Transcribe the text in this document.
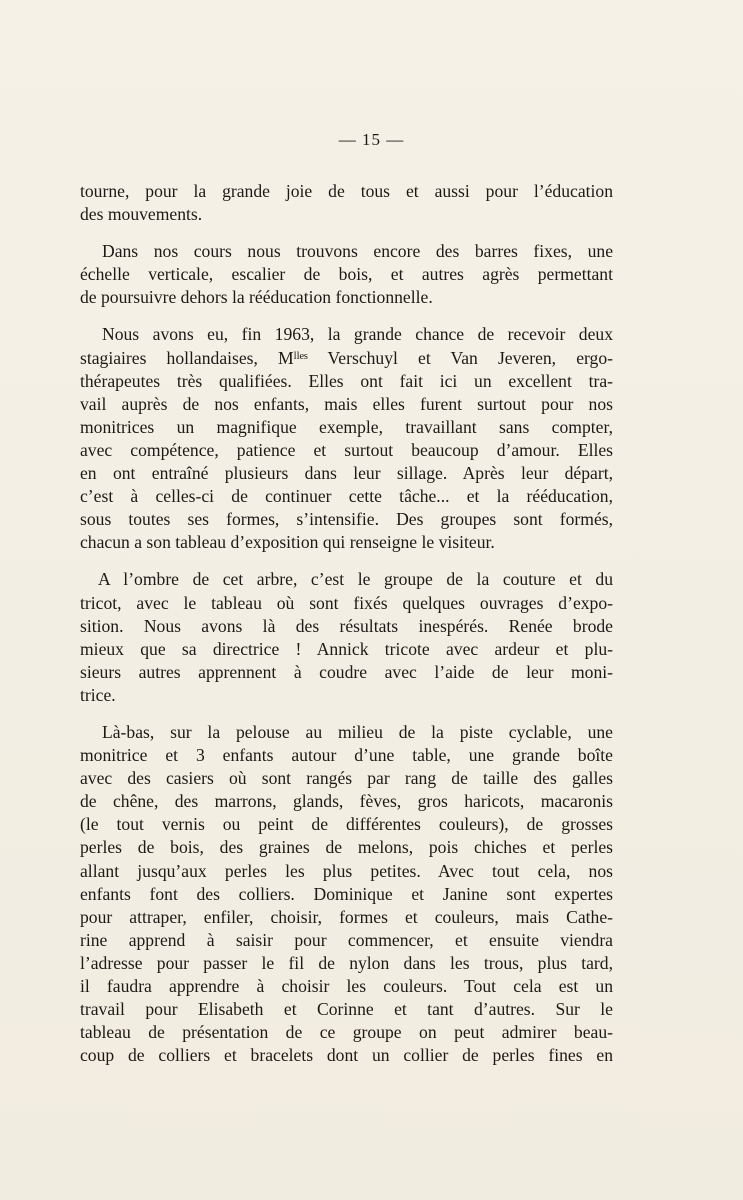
— 15 —

tourne, pour la grande joie de tous et aussi pour l’éducation
des mouvements.

Dans nos cours nous trouvons encore des barres fixes, une
échelle verticale, escalier de bois, et autres agrès permettant
de poursuivre dehors la rééducation fonctionnelle.

Nous avons eu, fin 1963, la grande chance de recevoir deux
stagiaires hollandaises, Mˡˡᵉˢ Verschuyl et Van Jeveren, ergo-
thérapeutes très qualifiées. Elles ont fait ici un excellent tra-
vail auprès de nos enfants, mais elles furent surtout pour nos
monitrices un magnifique exemple, travaillant sans compter,
avec compétence, patience et surtout beaucoup d’amour. Elles
en ont entraîné plusieurs dans leur sillage. Après leur départ,
c’est à celles-ci de continuer cette tâche... et la rééducation,
sous toutes ses formes, s’intensifie. Des groupes sont formés,
chacun a son tableau d’exposition qui renseigne le visiteur.

A l’ombre de cet arbre, c’est le groupe de la couture et du
tricot, avec le tableau où sont fixés quelques ouvrages d’expo-
sition. Nous avons là des résultats inespérés. Renée brode
mieux que sa directrice ! Annick tricote avec ardeur et plu-
sieurs autres apprennent à coudre avec l’aide de leur moni-
trice.

Là-bas, sur la pelouse au milieu de la piste cyclable, une
monitrice et 3 enfants autour d’une table, une grande boîte
avec des casiers où sont rangés par rang de taille des galles
de chêne, des marrons, glands, fèves, gros haricots, macaronis
(le tout vernis ou peint de différentes couleurs), de grosses
perles de bois, des graines de melons, pois chiches et perles
allant jusqu’aux perles les plus petites. Avec tout cela, nos
enfants font des colliers. Dominique et Janine sont expertes
pour attraper, enfiler, choisir, formes et couleurs, mais Cathe-
rine apprend à saisir pour commencer, et ensuite viendra
l’adresse pour passer le fil de nylon dans les trous, plus tard,
il faudra apprendre à choisir les couleurs. Tout cela est un
travail pour Elisabeth et Corinne et tant d’autres. Sur le
tableau de présentation de ce groupe on peut admirer beau-
coup de colliers et bracelets dont un collier de perles fines en
